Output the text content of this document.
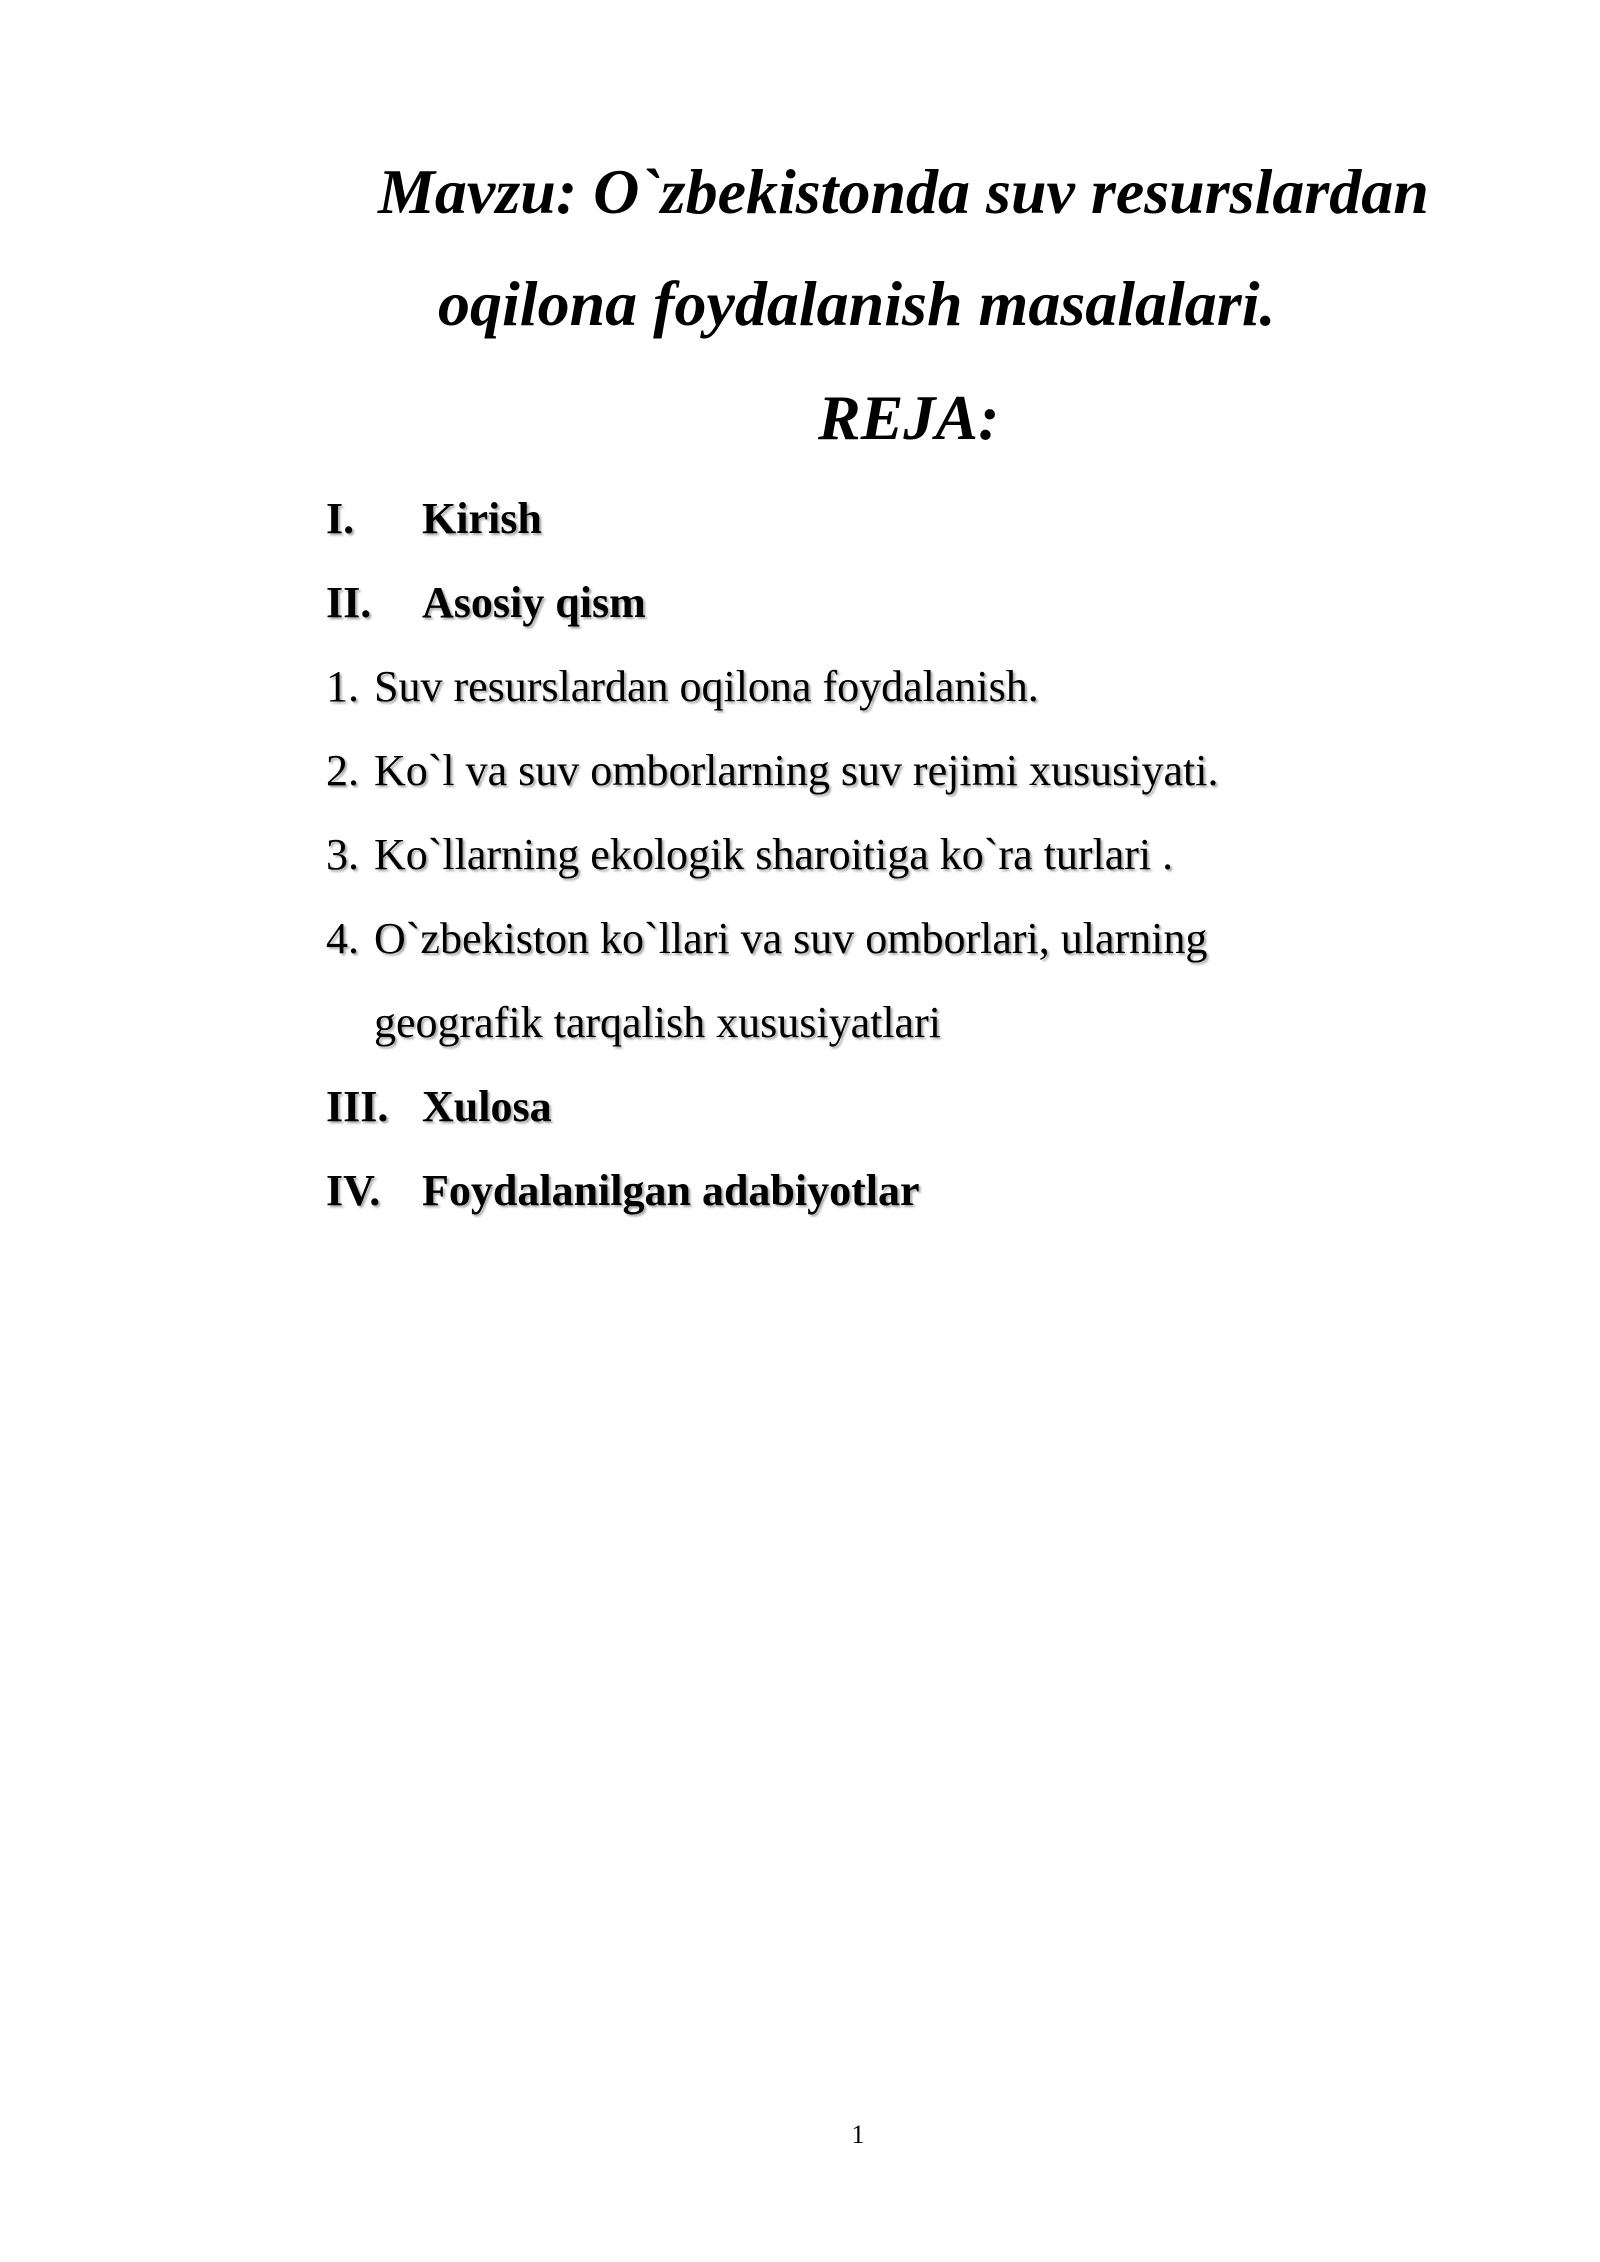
Mavzu: O`zbekistonda suv resurslardan
oqilona foydalanish masalalari.
REJA:
I. Kirish
II. Asosiy qism
1. Suv resurslardan oqilona foydalanish.
2. Ko`l va suv omborlarning suv rejimi xususiyati.
3. Ko`llarning ekologik sharoitiga ko`ra turlari .
4. O`zbekiston ko`llari va suv omborlari, ularning
geografik tarqalish xususiyatlari
III. Xulosa
IV. Foydalanilgan adabiyotlar
1
